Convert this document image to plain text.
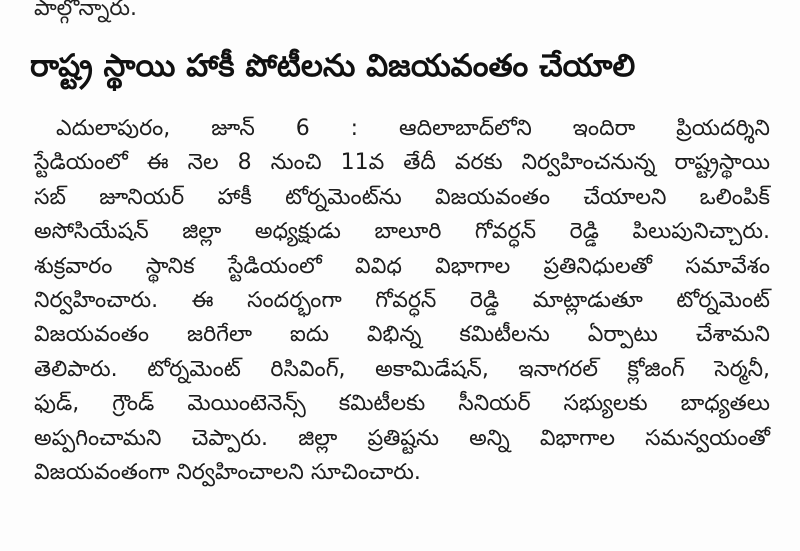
పాల్గొన్నారు.
రాష్ట్ర స్థాయి హాకీ పోటీలను విజయవంతం చేయాలి
ఎదులాపురం, జూన్ 6 : ఆదిలాబాద్‌లోని ఇందిరా ప్రియదర్శిని
స్టేడియంలో ఈ నెల 8 నుంచి 11వ తేదీ వరకు నిర్వహించనున్న రాష్ట్రస్థాయి
సబ్ జూనియర్ హాకీ టోర్నమెంట్‌ను విజయవంతం చేయాలని ఒలింపిక్
అసోసియేషన్ జిల్లా అధ్యక్షుడు బాలూరి గోవర్ధన్ రెడ్డి పిలుపునిచ్చారు.
శుక్రవారం స్థానిక స్టేడియంలో వివిధ విభాగాల ప్రతినిధులతో సమావేశం
నిర్వహించారు. ఈ సందర్భంగా గోవర్ధన్ రెడ్డి మాట్లాడుతూ టోర్నమెంట్
విజయవంతం జరిగేలా ఐదు విభిన్న కమిటీలను ఏర్పాటు చేశామని
తెలిపారు. టోర్నమెంట్ రిసివింగ్, అకామిడేషన్, ఇనాగరల్ క్లోజింగ్ సెర్మనీ,
ఫుడ్, గ్రౌండ్ మెయింటెనెన్స్ కమిటీలకు సీనియర్ సభ్యులకు బాధ్యతలు
అప్పగించామని చెప్పారు. జిల్లా ప్రతిష్టను అన్ని విభాగాల సమన్వయంతో
విజయవంతంగా నిర్వహించాలని సూచించారు.
